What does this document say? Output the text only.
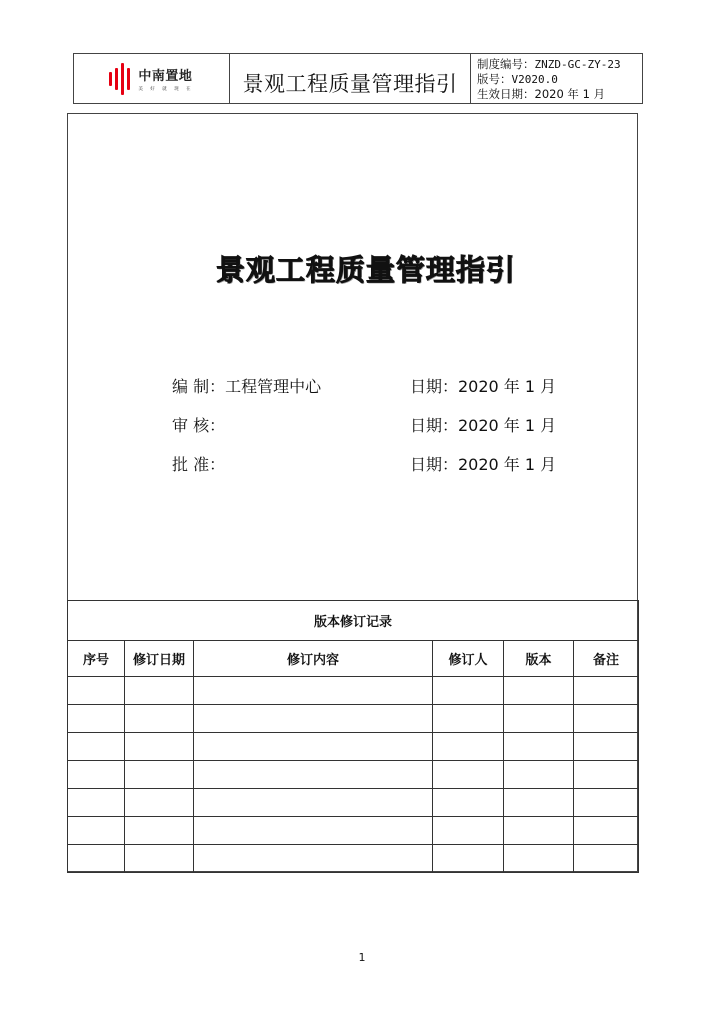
中南置地
美 好 就 现 在	景观工程质量管理指引
制度编号：ZNZD-GC-ZY-23
版号：V2020.0
生效日期：2020 年 1 月
景观工程质量管理指引
编 制：工程管理中心	日期：2020 年 1 月
审 核：	日期：2020 年 1 月
批 准：	日期：2020 年 1 月
版本修订记录					
序号	修订日期	修订内容	修订人	版本	备注

1
